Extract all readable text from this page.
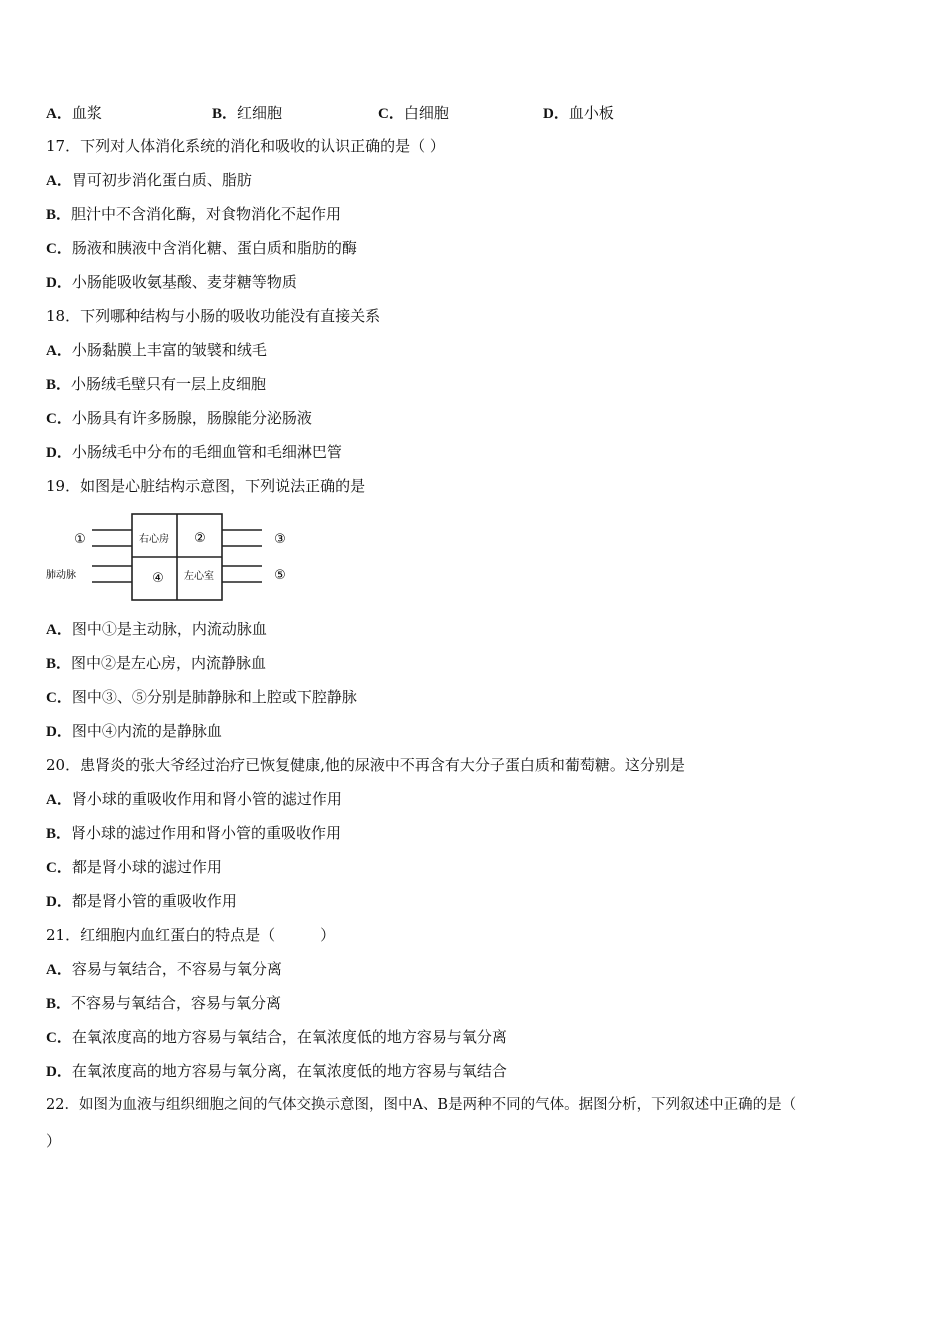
A．血浆	B．红细胞	C．白细胞	D．血小板
17．下列对人体消化系统的消化和吸收的认识正确的是（ ）
A．胃可初步消化蛋白质、脂肪
B．胆汁中不含消化酶，对食物消化不起作用
C．肠液和胰液中含消化糖、蛋白质和脂肪的酶
D．小肠能吸收氨基酸、麦芽糖等物质
18．下列哪种结构与小肠的吸收功能没有直接关系
A．小肠黏膜上丰富的皱襞和绒毛
B．小肠绒毛壁只有一层上皮细胞
C．小肠具有许多肠腺，肠腺能分泌肠液
D．小肠绒毛中分布的毛细血管和毛细淋巴管
19．如图是心脏结构示意图，下列说法正确的是
①
肺动脉
右心房 ②	③
④ 左心室	⑤
A．图中①是主动脉，内流动脉血
B．图中②是左心房，内流静脉血
C．图中③、⑤分别是肺静脉和上腔或下腔静脉
D．图中④内流的是静脉血
20．患肾炎的张大爷经过治疗已恢复健康,他的尿液中不再含有大分子蛋白质和葡萄糖。这分别是
A．肾小球的重吸收作用和肾小管的滤过作用
B．肾小球的滤过作用和肾小管的重吸收作用
C．都是肾小球的滤过作用
D．都是肾小管的重吸收作用
21．红细胞内血红蛋白的特点是（　　　）
A．容易与氧结合，不容易与氧分离
B．不容易与氧结合，容易与氧分离
C．在氧浓度高的地方容易与氧结合，在氧浓度低的地方容易与氧分离
D．在氧浓度高的地方容易与氧分离，在氧浓度低的地方容易与氧结合
22．如图为血液与组织细胞之间的气体交换示意图，图中A、B是两种不同的气体。据图分析，下列叙述中正确的是（
）
